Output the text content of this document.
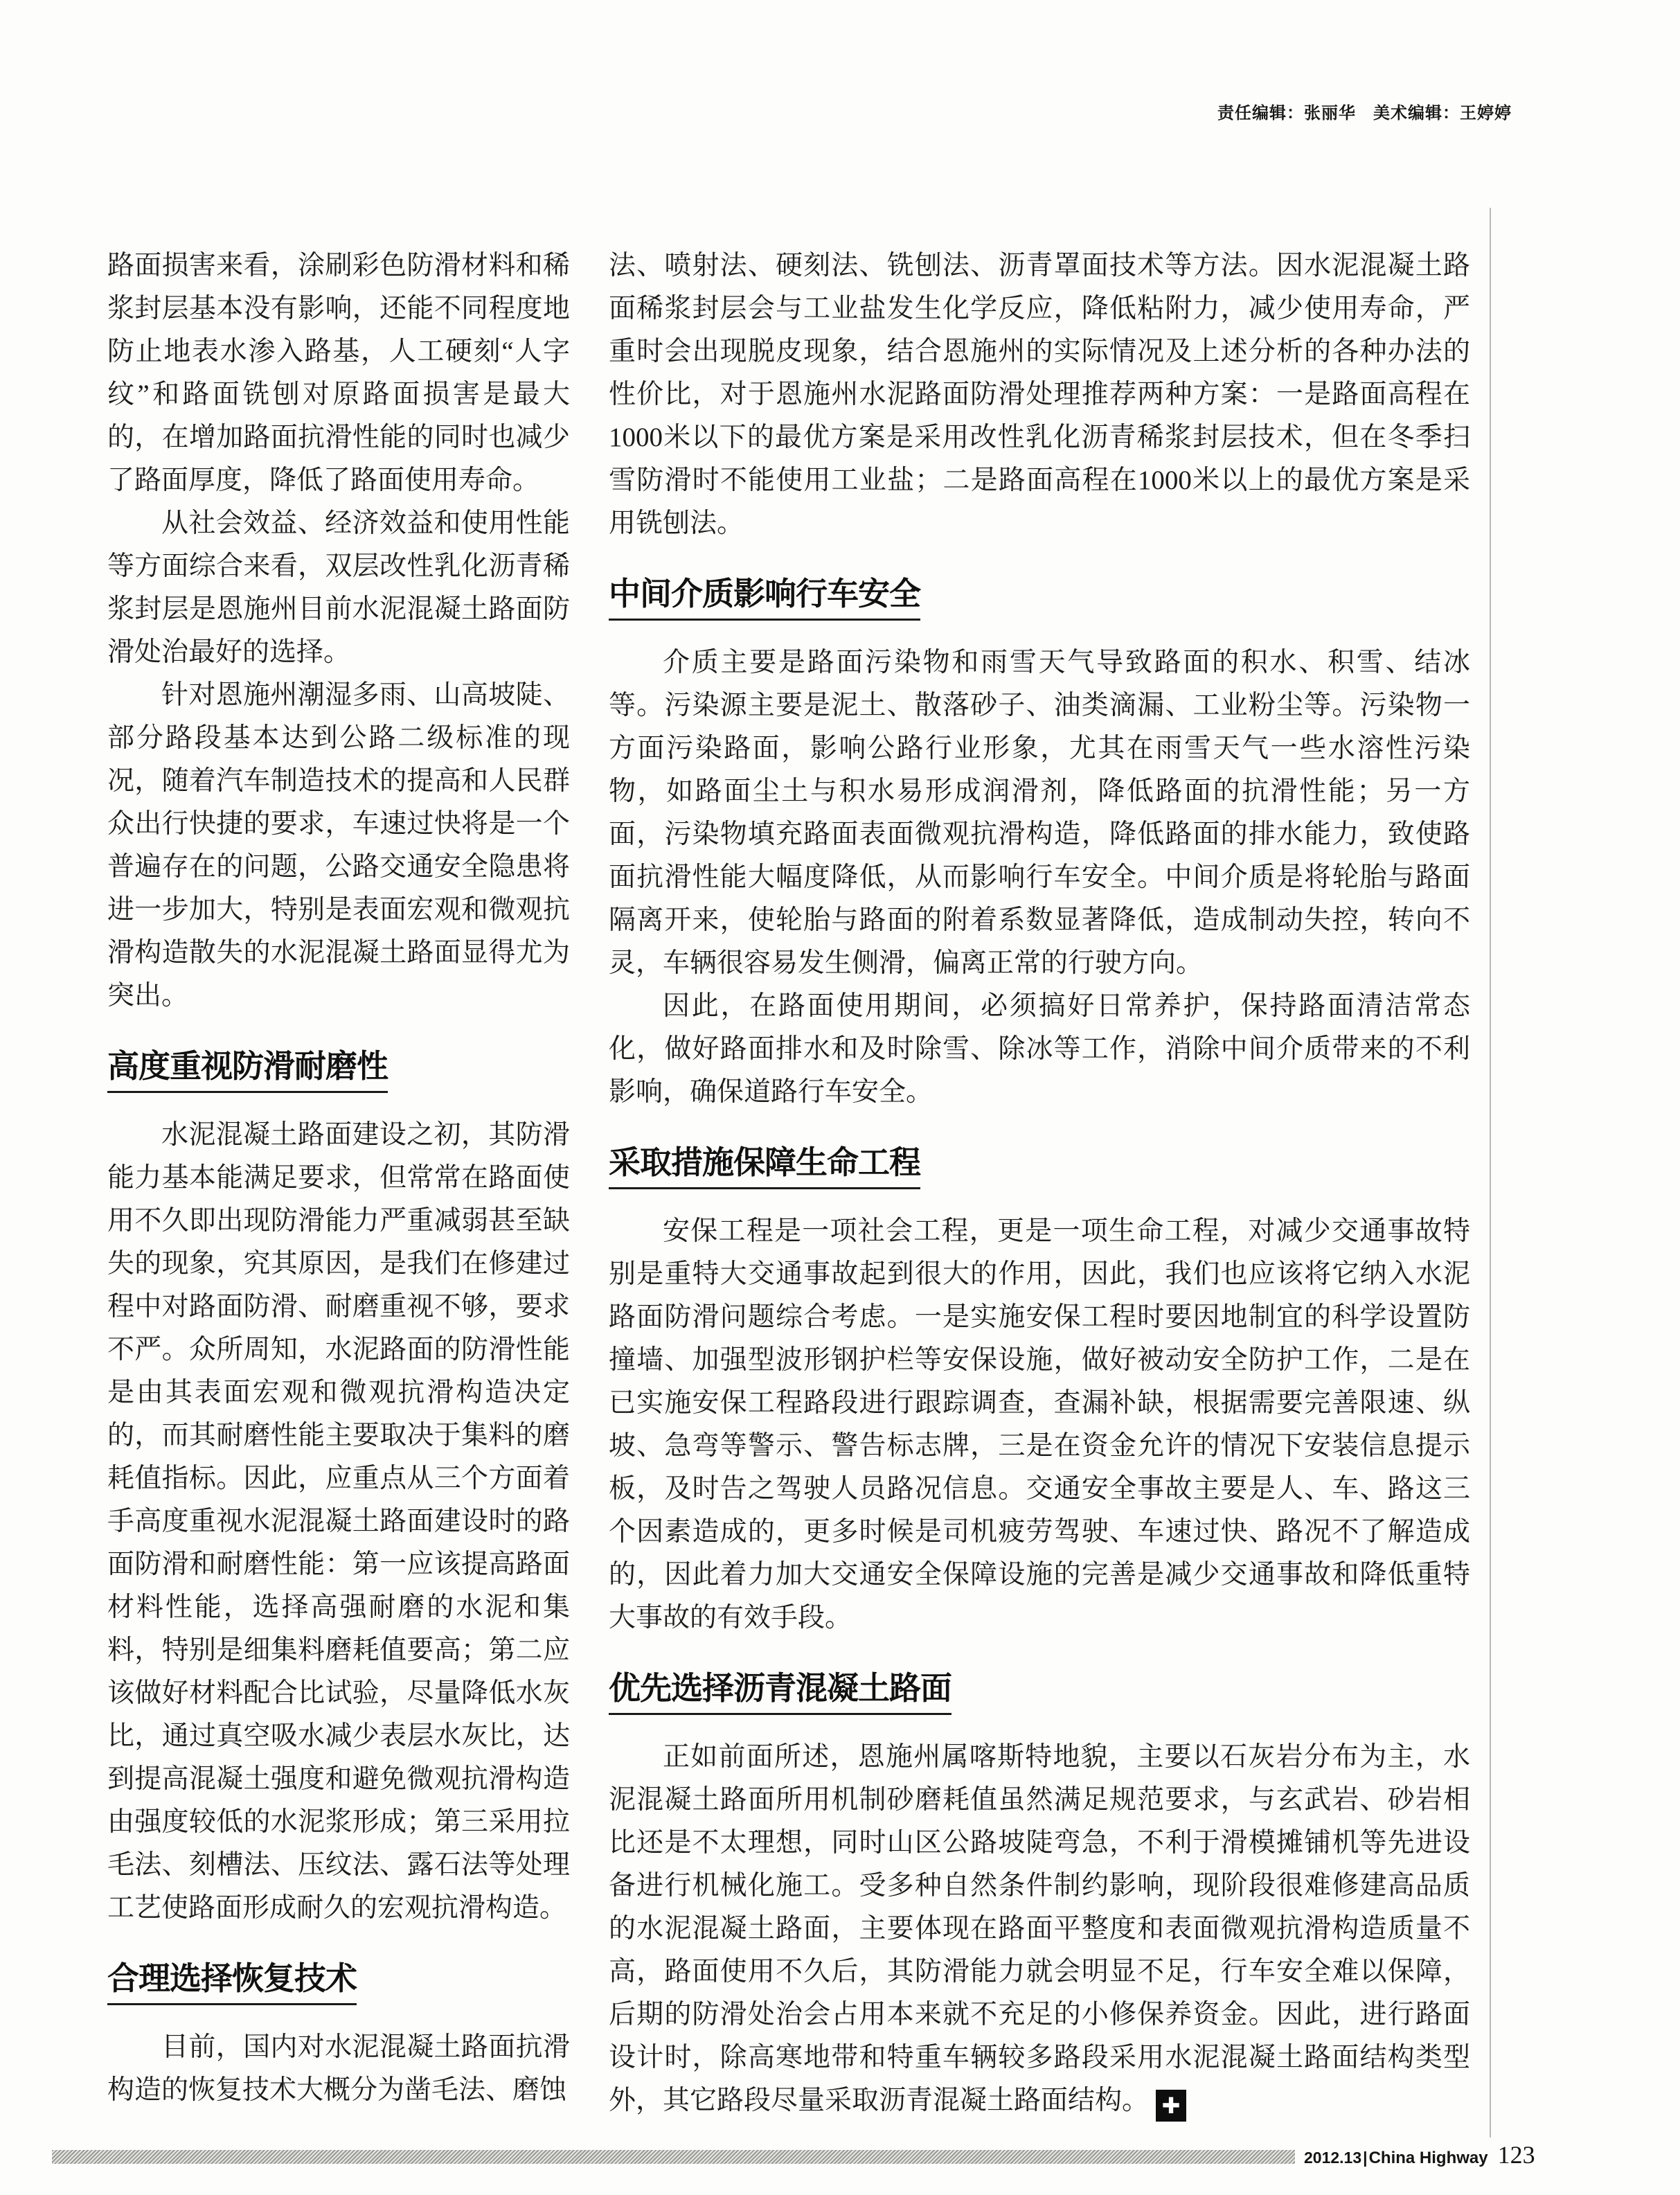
责任编辑：张丽华　美术编辑：王婷婷

路面损害来看，涂刷彩色防滑材料和稀浆封层基本没有影响，还能不同程度地防止地表水渗入路基，人工硬刻“人字纹”和路面铣刨对原路面损害是最大的，在增加路面抗滑性能的同时也减少了路面厚度，降低了路面使用寿命。

从社会效益、经济效益和使用性能等方面综合来看，双层改性乳化沥青稀浆封层是恩施州目前水泥混凝土路面防滑处治最好的选择。

针对恩施州潮湿多雨、山高坡陡、部分路段基本达到公路二级标准的现况，随着汽车制造技术的提高和人民群众出行快捷的要求，车速过快将是一个普遍存在的问题，公路交通安全隐患将进一步加大，特别是表面宏观和微观抗滑构造散失的水泥混凝土路面显得尤为突出。

高度重视防滑耐磨性

水泥混凝土路面建设之初，其防滑能力基本能满足要求，但常常在路面使用不久即出现防滑能力严重减弱甚至缺失的现象，究其原因，是我们在修建过程中对路面防滑、耐磨重视不够，要求不严。众所周知，水泥路面的防滑性能是由其表面宏观和微观抗滑构造决定的，而其耐磨性能主要取决于集料的磨耗值指标。因此，应重点从三个方面着手高度重视水泥混凝土路面建设时的路面防滑和耐磨性能：第一应该提高路面材料性能，选择高强耐磨的水泥和集料，特别是细集料磨耗值要高；第二应该做好材料配合比试验，尽量降低水灰比，通过真空吸水减少表层水灰比，达到提高混凝土强度和避免微观抗滑构造由强度较低的水泥浆形成；第三采用拉毛法、刻槽法、压纹法、露石法等处理工艺使路面形成耐久的宏观抗滑构造。

合理选择恢复技术

目前，国内对水泥混凝土路面抗滑构造的恢复技术大概分为凿毛法、磨蚀

法、喷射法、硬刻法、铣刨法、沥青罩面技术等方法。因水泥混凝土路面稀浆封层会与工业盐发生化学反应，降低粘附力，减少使用寿命，严重时会出现脱皮现象，结合恩施州的实际情况及上述分析的各种办法的性价比，对于恩施州水泥路面防滑处理推荐两种方案：一是路面高程在1000米以下的最优方案是采用改性乳化沥青稀浆封层技术，但在冬季扫雪防滑时不能使用工业盐；二是路面高程在1000米以上的最优方案是采用铣刨法。

中间介质影响行车安全

介质主要是路面污染物和雨雪天气导致路面的积水、积雪、结冰等。污染源主要是泥土、散落砂子、油类滴漏、工业粉尘等。污染物一方面污染路面，影响公路行业形象，尤其在雨雪天气一些水溶性污染物，如路面尘土与积水易形成润滑剂，降低路面的抗滑性能；另一方面，污染物填充路面表面微观抗滑构造，降低路面的排水能力，致使路面抗滑性能大幅度降低，从而影响行车安全。中间介质是将轮胎与路面隔离开来，使轮胎与路面的附着系数显著降低，造成制动失控，转向不灵，车辆很容易发生侧滑，偏离正常的行驶方向。

因此，在路面使用期间，必须搞好日常养护，保持路面清洁常态化，做好路面排水和及时除雪、除冰等工作，消除中间介质带来的不利影响，确保道路行车安全。

采取措施保障生命工程

安保工程是一项社会工程，更是一项生命工程，对减少交通事故特别是重特大交通事故起到很大的作用，因此，我们也应该将它纳入水泥路面防滑问题综合考虑。一是实施安保工程时要因地制宜的科学设置防撞墙、加强型波形钢护栏等安保设施，做好被动安全防护工作，二是在已实施安保工程路段进行跟踪调查，查漏补缺，根据需要完善限速、纵坡、急弯等警示、警告标志牌，三是在资金允许的情况下安装信息提示板，及时告之驾驶人员路况信息。交通安全事故主要是人、车、路这三个因素造成的，更多时候是司机疲劳驾驶、车速过快、路况不了解造成的，因此着力加大交通安全保障设施的完善是减少交通事故和降低重特大事故的有效手段。

优先选择沥青混凝土路面

正如前面所述，恩施州属喀斯特地貌，主要以石灰岩分布为主，水泥混凝土路面所用机制砂磨耗值虽然满足规范要求，与玄武岩、砂岩相比还是不太理想，同时山区公路坡陡弯急，不利于滑模摊铺机等先进设备进行机械化施工。受多种自然条件制约影响，现阶段很难修建高品质的水泥混凝土路面，主要体现在路面平整度和表面微观抗滑构造质量不高，路面使用不久后，其防滑能力就会明显不足，行车安全难以保障，后期的防滑处治会占用本来就不充足的小修保养资金。因此，进行路面设计时，除高寒地带和特重车辆较多路段采用水泥混凝土路面结构类型外，其它路段尽量采取沥青混凝土路面结构。 ✚

2012.13 | China Highway 123
